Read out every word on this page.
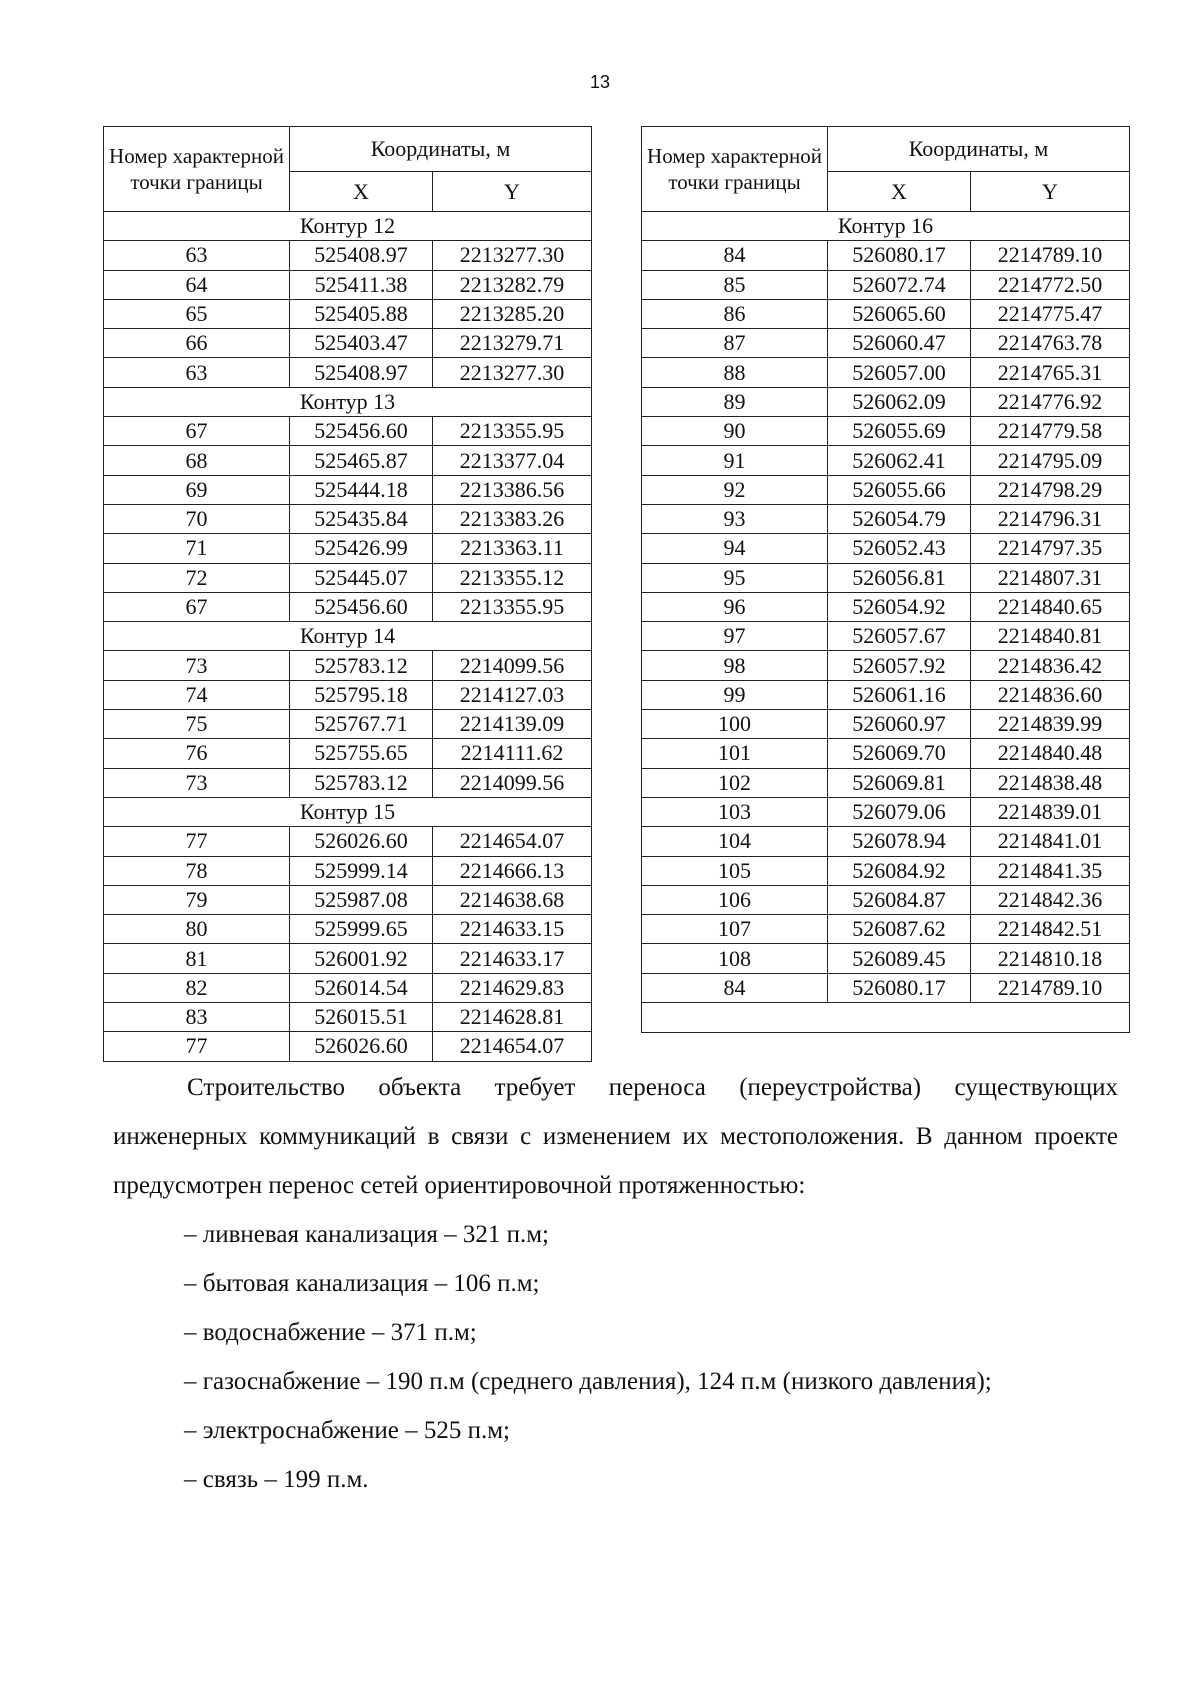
13
Номер характерной точки границы	Координаты, м	
	X	Y
Контур 12		
63	525408.97	2213277.30
64	525411.38	2213282.79
65	525405.88	2213285.20
66	525403.47	2213279.71
63	525408.97	2213277.30
Контур 13		
67	525456.60	2213355.95
68	525465.87	2213377.04
69	525444.18	2213386.56
70	525435.84	2213383.26
71	525426.99	2213363.11
72	525445.07	2213355.12
67	525456.60	2213355.95
Контур 14		
73	525783.12	2214099.56
74	525795.18	2214127.03
75	525767.71	2214139.09
76	525755.65	2214111.62
73	525783.12	2214099.56
Контур 15		
77	526026.60	2214654.07
78	525999.14	2214666.13
79	525987.08	2214638.68
80	525999.65	2214633.15
81	526001.92	2214633.17
82	526014.54	2214629.83
83	526015.51	2214628.81
77	526026.60	2214654.07
Номер характерной точки границы	Координаты, м	
	X	Y
Контур 16		
84	526080.17	2214789.10
85	526072.74	2214772.50
86	526065.60	2214775.47
87	526060.47	2214763.78
88	526057.00	2214765.31
89	526062.09	2214776.92
90	526055.69	2214779.58
91	526062.41	2214795.09
92	526055.66	2214798.29
93	526054.79	2214796.31
94	526052.43	2214797.35
95	526056.81	2214807.31
96	526054.92	2214840.65
97	526057.67	2214840.81
98	526057.92	2214836.42
99	526061.16	2214836.60
100	526060.97	2214839.99
101	526069.70	2214840.48
102	526069.81	2214838.48
103	526079.06	2214839.01
104	526078.94	2214841.01
105	526084.92	2214841.35
106	526084.87	2214842.36
107	526087.62	2214842.51
108	526089.45	2214810.18
84	526080.17	2214789.10

Строительство объекта требует переноса (переустройства) существующих инженерных коммуникаций в связи с изменением их местоположения. В данном проекте предусмотрен перенос сетей ориентировочной протяженностью:

– ливневая канализация – 321 п.м;

– бытовая канализация – 106 п.м;

– водоснабжение – 371 п.м;

– газоснабжение – 190 п.м (среднего давления), 124 п.м (низкого давления);

– электроснабжение – 525 п.м;

– связь – 199 п.м.
